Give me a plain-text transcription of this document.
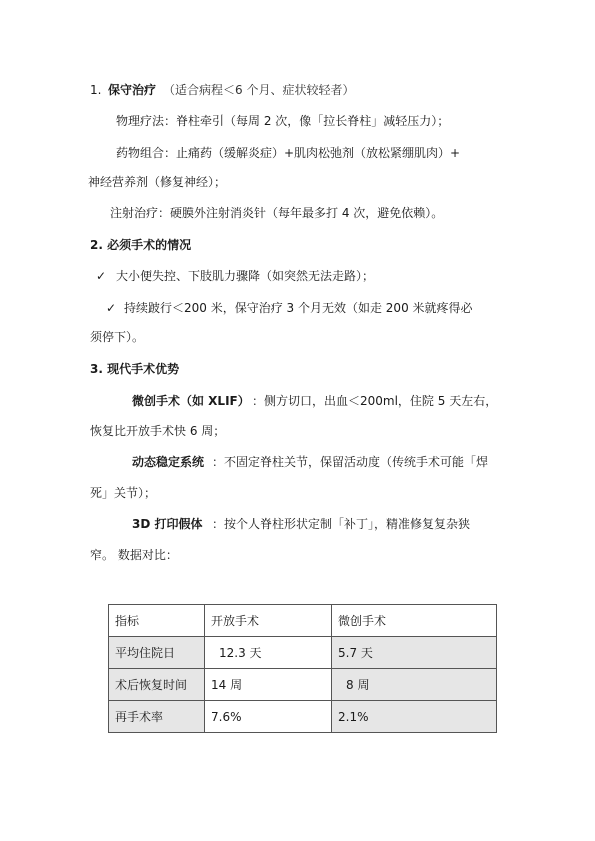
1. 保守治疗 （适合病程＜6 个月、症状较轻者）
物理疗法：脊柱牵引（每周 2 次，像「拉长脊柱」减轻压力）；
药物组合：止痛药（缓解炎症）+肌肉松弛剂（放松紧绷肌肉）+
神经营养剂（修复神经）；
注射治疗：硬膜外注射消炎针（每年最多打 4 次，避免依赖）。
2. 必须手术的情况
✓ 大小便失控、下肢肌力骤降（如突然无法走路）；
✓ 持续跛行＜200 米，保守治疗 3 个月无效（如走 200 米就疼得必
须停下）。
3. 现代手术优势
微创手术（如 XLIF） ：侧方切口，出血＜200ml，住院 5 天左右，
恢复比开放手术快 6 周；
动态稳定系统 ：不固定脊柱关节，保留活动度（传统手术可能「焊
死」关节）；
3D 打印假体 ：按个人脊柱形状定制「补丁」，精准修复复杂狭
窄。 数据对比：
指标	开放手术	微创手术
平均住院日	12.3 天	5.7 天
术后恢复时间	14 周	8 周
再手术率	7.6%	2.1%
